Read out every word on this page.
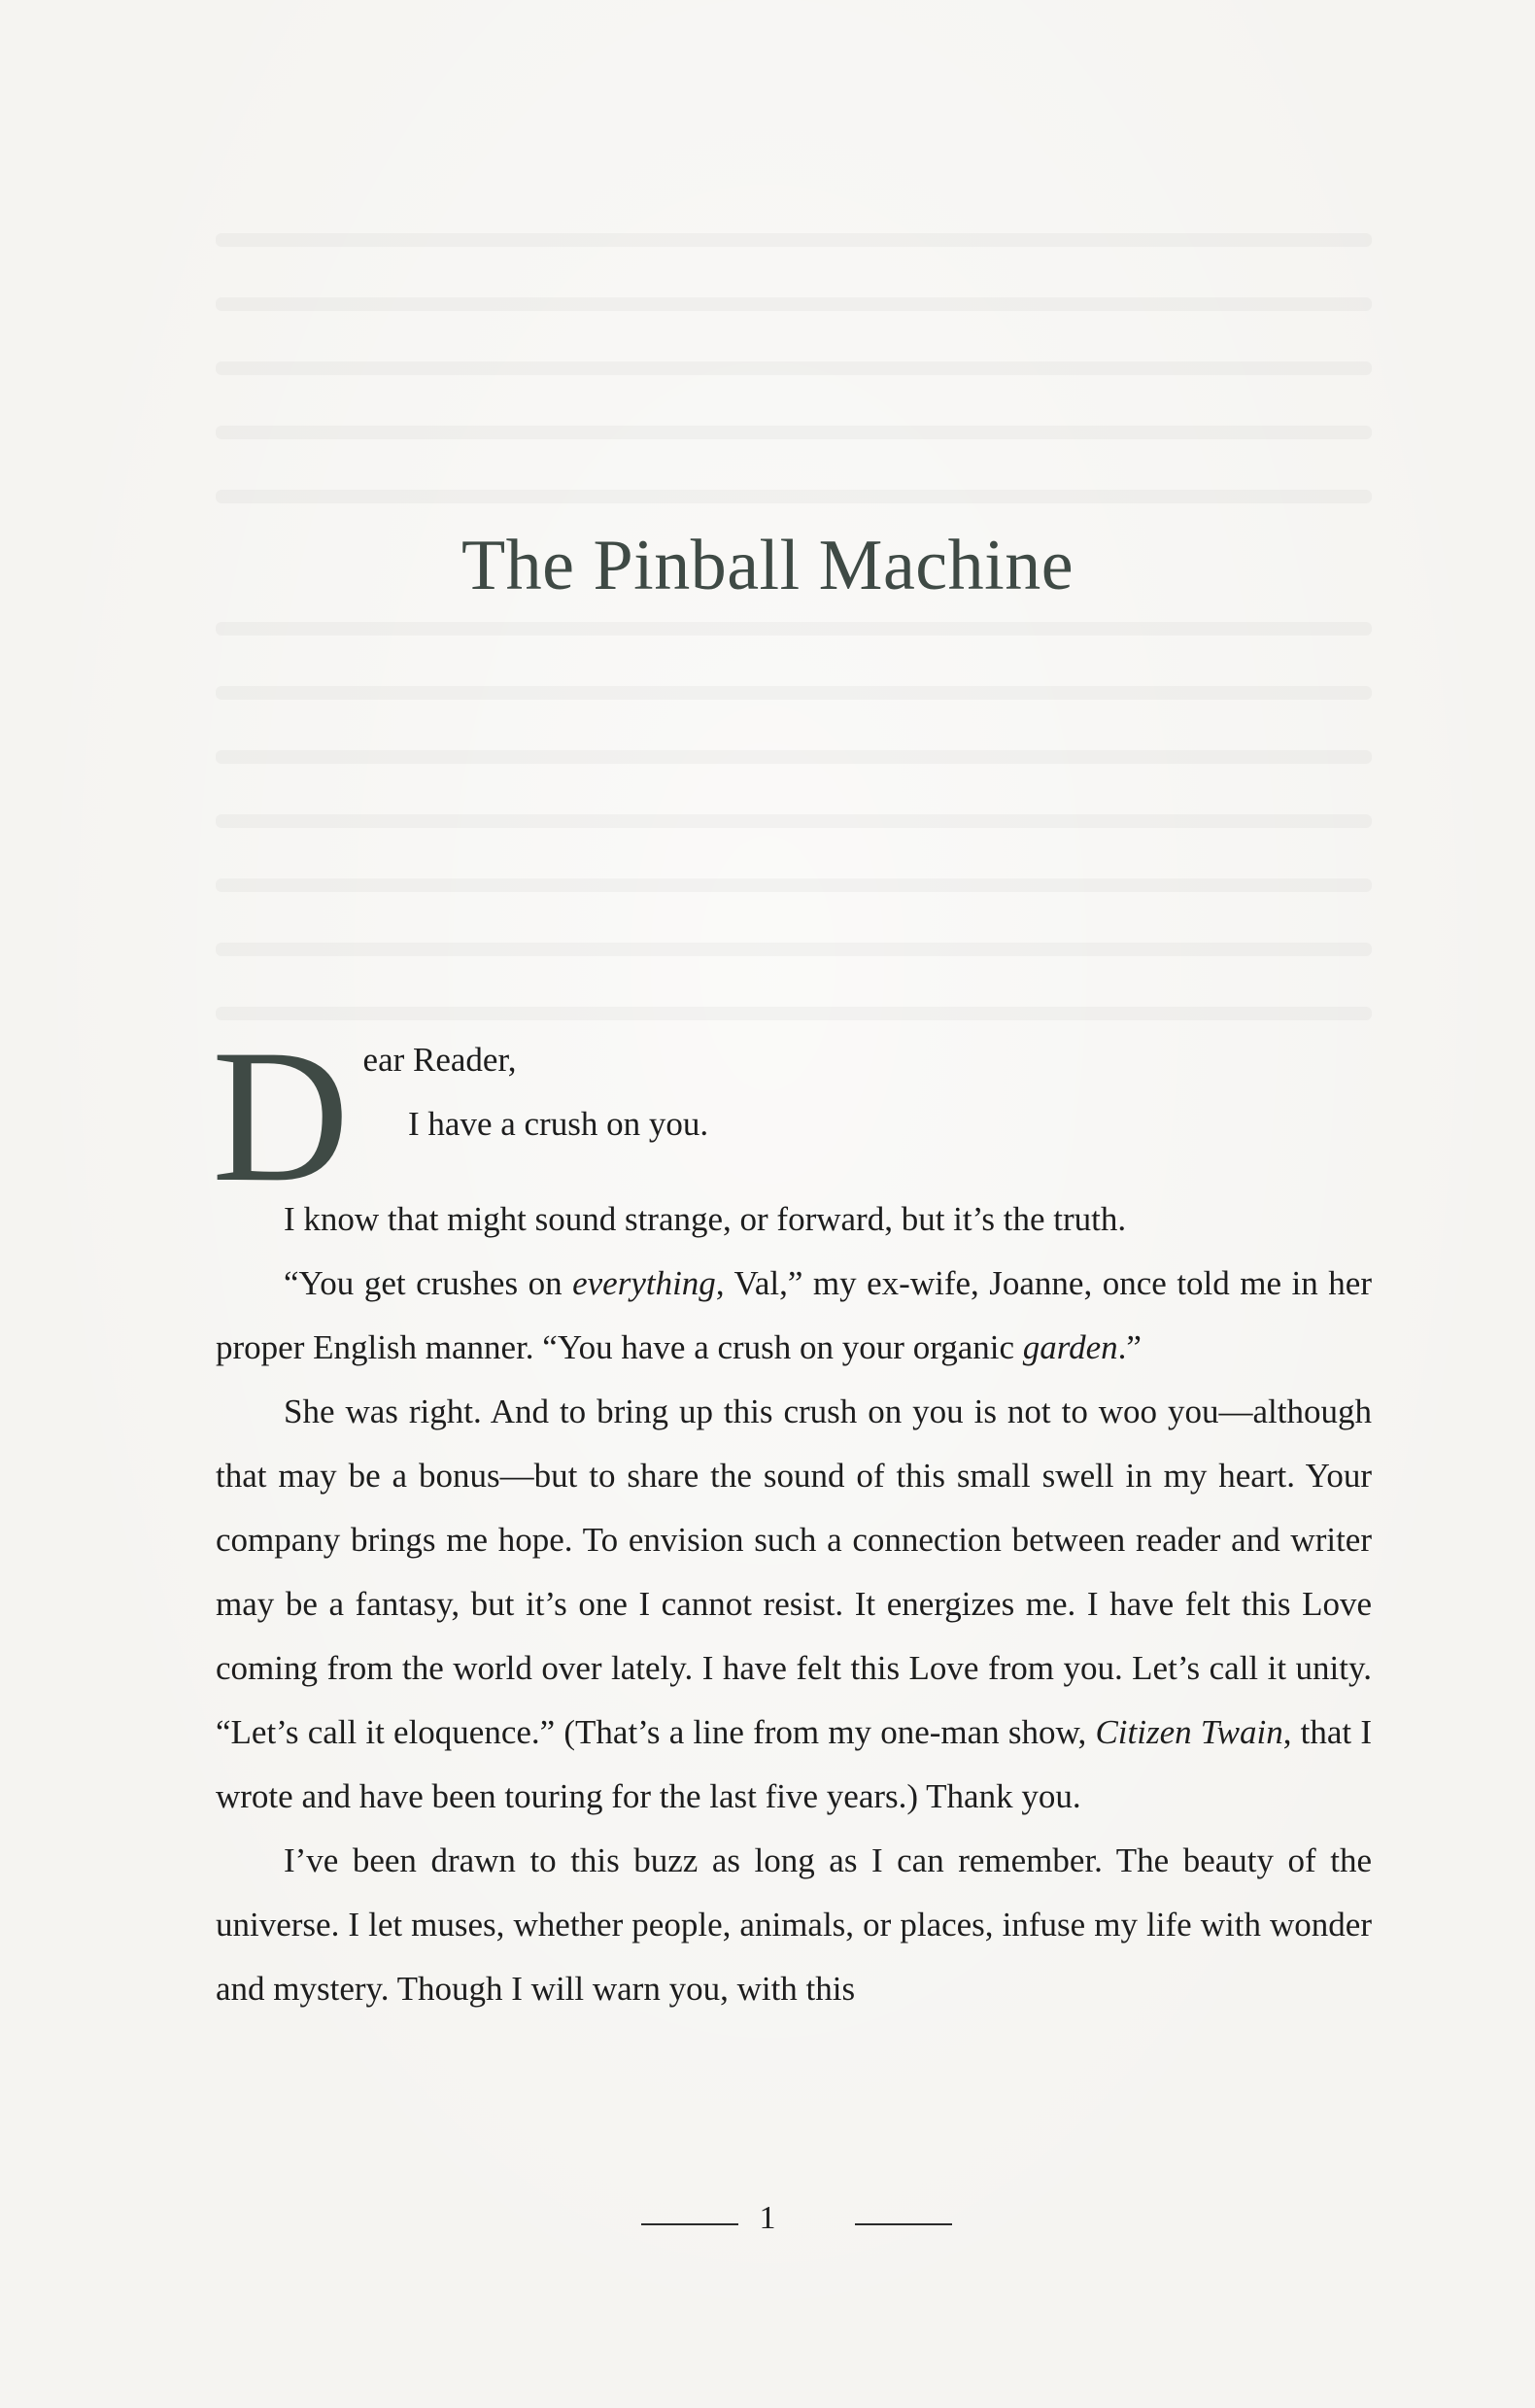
The Pinball Machine
D ear Reader,

I have a crush on you.

I know that might sound strange, or forward, but it’s the truth.

“You get crushes on everything, Val,” my ex-wife, Joanne, once told me in her proper English manner. “You have a crush on your organic garden.”

She was right. And to bring up this crush on you is not to woo you—although that may be a bonus—but to share the sound of this small swell in my heart. Your company brings me hope. To envision such a connection between reader and writer may be a fantasy, but it’s one I cannot resist. It energizes me. I have felt this Love coming from the world over lately. I have felt this Love from you. Let’s call it unity. “Let’s call it eloquence.” (That’s a line from my one-man show, Citizen Twain, that I wrote and have been touring for the last five years.) Thank you.

I’ve been drawn to this buzz as long as I can remember. The beauty of the universe. I let muses, whether people, animals, or places, infuse my life with wonder and mystery. Though I will warn you, with this

1
